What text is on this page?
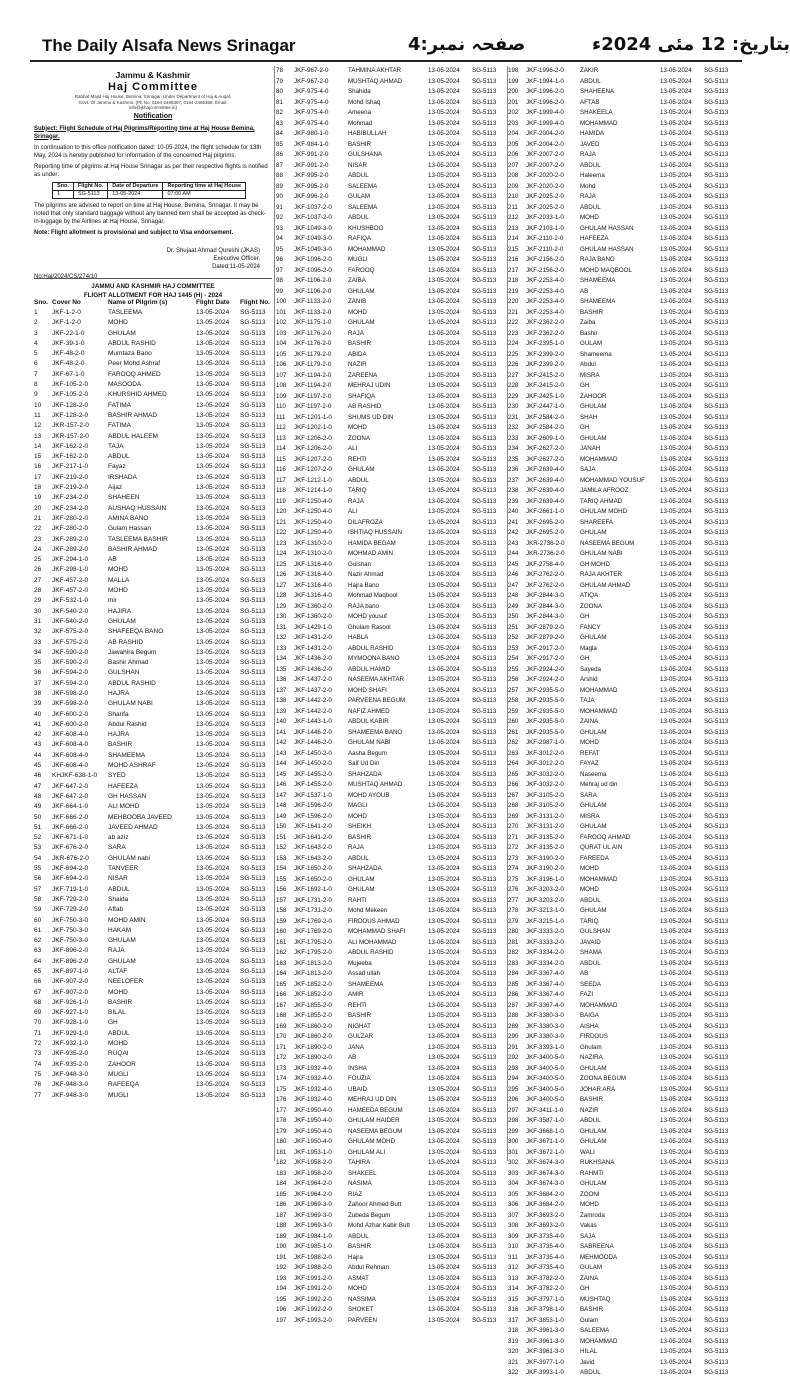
The Daily Alsafa News Srinagar	صفحہ نمبر:4	بتاریخ: 12 مئی 2024ء
Jammu & Kashmir
Haj Committee
Rabbat Majid Haj House, Bemina, Srinagar. Under Department of Haj & Auqaf, Govt. Of Jammu & Kashmir. (Ph No: 0194-2495367, 0194-2495368, Email: info@jkhajcommittee.in)
Notification
Subject: Flight Schedule of Haj Pilgrims/Reporting time at Haj House Bemina, Srinagar.

In continuation to this office notification dated: 10-05-2024, the flight schedule for 13th May, 2024 is hereby published for information of the concerned Haj pilgrims.

Reporting time of pilgrims at Haj House Srinagar as per their respective flights is notified as under:

Sno.	Flight No.	Date of Departure	Reporting time at Haj House
1	SG-5113	13-05-2024	07:00 AM

The pilgrims are advised to report on time at Haj House, Bemina, Srinagar. It may be noted that only standard baggage without any banned item shall be accepted as check-in-luggage by the Airlines at Haj House, Srinagar.

Note: Flight allotment is provisional and subject to Visa endorsement.

Dr. Shujaat Ahmad Qureshi (JKAS)
Executive Officer.
Dated:11-05-2024
No:Haj/2024/CS/274/10
JAMMU AND KASHMIR HAJ COMMITTEE
FLIGHT ALLOTMENT FOR HAJ 1445 (H) - 2024
Sno. Cover No	Name of Pilgrim (s)	Flight Date	Flight No.
1	JKF-1-2-0	TASLEEMA	13-05-2024	SG-5113
2	JKF-1-2-0	MOHD	13-05-2024	SG-5113
3	JKF-22-1-0	GHULAM	13-05-2024	SG-5113
4	JKF-39-1-0	ABDUL RASHID	13-05-2024	SG-5113
5	JKF-48-2-0	Mumtaza Bano	13-05-2024	SG-5113
6	JKF-48-2-0	Peer Mohd Ashraf	13-05-2024	SG-5113
7	JKF-67-1-0	FAROOQ AHMED	13-05-2024	SG-5113
8	JKF-105-2-0	MASOODA	13-05-2024	SG-5113
9	JKF-105-2-0	KHURSHID AHMED	13-05-2024	SG-5113
10	JKF-128-2-0	FATIMA	13-05-2024	SG-5113
11	JKF-128-2-0	BASHIR AHMAD	13-05-2024	SG-5113
12	JKR-157-2-0	FATIMA	13-05-2024	SG-5113
13	JKR-157-2-0	ABDUL HALEEM	13-05-2024	SG-5113
14	JKF-162-2-0	TAJA	13-05-2024	SG-5113
15	JKF-162-2-0	ABDUL	13-05-2024	SG-5113
16	JKF-217-1-0	Fayaz	13-05-2024	SG-5113
17	JKF-219-2-0	IRSHADA	13-05-2024	SG-5113
18	JKF-219-2-0	Aijaz	13-05-2024	SG-5113
19	JKF-234-2-0	SHAHEEN	13-05-2024	SG-5113
20	JKF-234-2-0	AUSHAQ HUSSAIN	13-05-2024	SG-5113
21	JKF-280-2-0	AMINA BANO	13-05-2024	SG-5113
22	JKF-280-2-0	Gulam Hassan	13-05-2024	SG-5113
23	JKF-289-2-0	TASLEEMA BASHIR	13-05-2024	SG-5113
24	JKF-289-2-0	BASHIR AHMAD	13-05-2024	SG-5113
25	JKF-294-1-0	AB	13-05-2024	SG-5113
26	JKF-298-1-0	MOHD	13-05-2024	SG-5113
27	JKF-457-2-0	MALLA	13-05-2024	SG-5113
28	JKF-457-2-0	MOHD	13-05-2024	SG-5113
29	JKF-532-1-0	mir	13-05-2024	SG-5113
30	JKF-540-2-0	HAJIRA	13-05-2024	SG-5113
31	JKF-540-2-0	GHULAM	13-05-2024	SG-5113
32	JKF-575-2-0	SHAFEEQA BANO	13-05-2024	SG-5113
33	JKF-575-2-0	AB RASHID	13-05-2024	SG-5113
34	JKF-590-2-0	Jawahira Begum	13-05-2024	SG-5113
35	JKF-590-2-0	Bashir Ahmad	13-05-2024	SG-5113
36	JKF-594-2-0	GULSHAN	13-05-2024	SG-5113
37	JKF-594-2-0	ABDUL RASHID	13-05-2024	SG-5113
38	JKF-598-2-0	HAJRA	13-05-2024	SG-5113
39	JKF-598-2-0	GHULAM NABI	13-05-2024	SG-5113
40	JKF-600-2-0	Sharifa	13-05-2024	SG-5113
41	JKF-600-2-0	Abdul Rashid	13-05-2024	SG-5113
42	JKF-608-4-0	HAJRA	13-05-2024	SG-5113
43	JKF-608-4-0	BASHIR	13-05-2024	SG-5113
44	JKF-608-4-0	SHAMEEMA	13-05-2024	SG-5113
45	JKF-608-4-0	MOHD ASHRAF	13-05-2024	SG-5113
46	KHJKF-638-1-0	SYED	13-05-2024	SG-5113
47	JKF-647-2-0	HAFEEZA	13-05-2024	SG-5113
48	JKF-647-2-0	GH HASSAN	13-05-2024	SG-5113
49	JKF-664-1-0	ALI MOHD	13-05-2024	SG-5113
50	JKF-666-2-0	MEHBOOBA JAVEED	13-05-2024	SG-5113
51	JKF-666-2-0	JAVEED AHMAD	13-05-2024	SG-5113
52	JKF-671-1-0	ab aziz	13-05-2024	SG-5113
53	JKF-676-2-0	SARA	13-05-2024	SG-5113
54	JKR-676-2-0	GHULAM nabi	13-05-2024	SG-5113
55	JKF-694-2-0	TANVEER	13-05-2024	SG-5113
56	JKF-694-2-0	NISAR	13-05-2024	SG-5113
57	JKF-719-1-0	ABDUL	13-05-2024	SG-5113
58	JKF-729-2-0	Shaida	13-05-2024	SG-5113
59	JKF-729-2-0	Aftab	13-05-2024	SG-5113
60	JKF-750-3-0	MOHD AMIN	13-05-2024	SG-5113
61	JKF-750-3-0	HAKAM	13-05-2024	SG-5113
62	JKF-750-3-0	GHULAM	13-05-2024	SG-5113
63	JKF-896-2-0	RAJA	13-05-2024	SG-5113
64	JKF-896-2-0	GHULAM	13-05-2024	SG-5113
65	JKF-897-1-0	ALTAF	13-05-2024	SG-5113
66	JKF-907-2-0	NEELOFER	13-05-2024	SG-5113
67	JKF-907-2-0	MOHD	13-05-2024	SG-5113
68	JKF-926-1-0	BASHIR	13-05-2024	SG-5113
69	JKF-927-1-0	BILAL	13-05-2024	SG-5113
70	JKF-928-1-0	GH	13-05-2024	SG-5113
71	JKF-929-1-0	ABDUL	13-05-2024	SG-5113
72	JKF-932-1-0	MOHD	13-05-2024	SG-5113
73	JKF-935-2-0	RUQAI	13-05-2024	SG-5113
74	JKF-935-2-0	ZAHOOR	13-05-2024	SG-5113
75	JKF-948-3-0	MUGLI	13-05-2024	SG-5113
76	JKF-948-3-0	RAFEEQA	13-05-2024	SG-5113
77	JKF-948-3-0	MUGLI	13-05-2024	SG-5113
78	JKF-967-2-0	TAHMINA AKHTAR	13-05-2024	SG-5113
79	JKF-967-2-0	MUSHTAQ AHMAD	13-05-2024	SG-5113
80	JKF-975-4-0	Shahida	13-05-2024	SG-5113
81	JKF-975-4-0	Mohd Ishaq	13-05-2024	SG-5113
82	JKF-975-4-0	Ameena	13-05-2024	SG-5113
83	JKF-975-4-0	Mohmad	13-05-2024	SG-5113
84	JKF-980-1-0	HABIBULLAH	13-05-2024	SG-5113
85	JKF-984-1-0	BASHIR	13-05-2024	SG-5113
86	JKF-991-2-0	GULSHANA	13-05-2024	SG-5113
87	JKF-991-2-0	NISAR	13-05-2024	SG-5113
88	JKF-995-2-0	ABDUL	13-05-2024	SG-5113
89	JKF-995-2-0	SALEEMA	13-05-2024	SG-5113
90	JKF-996-2-0	GULAM	13-05-2024	SG-5113
91	JKF-1037-2-0	SALEEMA	13-05-2024	SG-5113
92	JKF-1037-2-0	ABDUL	13-05-2024	SG-5113
93	JKF-1049-3-0	KHUSHBOO	13-05-2024	SG-5113
94	JKF-1049-3-0	RAFIQA	13-05-2024	SG-5113
95	JKF-1049-3-0	MOHAMMAD	13-05-2024	SG-5113
96	JKF-1096-2-0	MUGLI	13-05-2024	SG-5113
97	JKF-1096-2-0	FAROOQ	13-05-2024	SG-5113
98	JKF-1106-2-0	ZAIBA	13-05-2024	SG-5113
99	JKF-1106-2-0	GHULAM	13-05-2024	SG-5113
100	JKF-1133-2-0	ZANIB	13-05-2024	SG-5113
101	JKF-1133-2-0	MOHD	13-05-2024	SG-5113
102	JKF-1175-1-0	GHULAM	13-05-2024	SG-5113
103	JKF-1176-2-0	RAJA	13-05-2024	SG-5113
104	JKF-1176-2-0	BASHIR	13-05-2024	SG-5113
105	JKF-1179-2-0	ABIDA	13-05-2024	SG-5113
106	JKF-1179-2-0	NAZIR	13-05-2024	SG-5113
107	JKF-1194-2-0	ZAREENA	13-05-2024	SG-5113
108	JKF-1194-2-0	MEHRAJ UDIN	13-05-2024	SG-5113
109	JKF-1197-2-0	SHAFIQA	13-05-2024	SG-5113
110	JKF-1197-2-0	AB RASHID	13-05-2024	SG-5113
111	JKF-1201-1-0	SHUMS UD DIN	13-05-2024	SG-5113
112	JKF-1202-1-0	MOHD	13-05-2024	SG-5113
113	JKF-1206-2-0	ZOONA	13-05-2024	SG-5113
114	JKF-1206-2-0	ALI	13-05-2024	SG-5113
115	JKF-1207-2-0	REHTI	13-05-2024	SG-5113
116	JKF-1207-2-0	GHULAM	13-05-2024	SG-5113
117	JKF-1212-1-0	ABDUL	13-05-2024	SG-5113
118	JKF-1214-1-0	TARIQ	13-05-2024	SG-5113
119	JKF-1250-4-0	RAJA	13-05-2024	SG-5113
120	JKF-1250-4-0	ALI	13-05-2024	SG-5113
121	JKF-1250-4-0	DILAFROZA	13-05-2024	SG-5113
122	JKF-1250-4-0	ISHTIAQ HUSSAIN	13-05-2024	SG-5113
123	JKF-1310-2-0	HAMIDA BEGAM	13-05-2024	SG-5113
124	JKF-1310-2-0	MOHMAD AMIN	13-05-2024	SG-5113
125	JKF-1316-4-0	Gulshan	13-05-2024	SG-5113
126	JKF-1316-4-0	Nazir Ahmad	13-05-2024	SG-5113
127	JKF-1316-4-0	Hajra Bano	13-05-2024	SG-5113
128	JKF-1316-4-0	Mohmad Maqbool	13-05-2024	SG-5113
129	JKF-1360-2-0	RAJA bano	13-05-2024	SG-5113
130	JKF-1360-2-0	MOHD yousuf	13-05-2024	SG-5113
131	JKF-1429-1-0	Ghulam Rasool	13-05-2024	SG-5113
132	JKF-1431-2-0	HABLA	13-05-2024	SG-5113
133	JKF-1431-2-0	ABDUL RASHID	13-05-2024	SG-5113
134	JKF-1436-2-0	MYMOONA BANO	13-05-2024	SG-5113
135	JKF-1436-2-0	ABDUL HAMID	13-05-2024	SG-5113
136	JKF-1437-2-0	NASEEMA AKHTAR	13-05-2024	SG-5113
137	JKF-1437-2-0	MOHD SHAFI	13-05-2024	SG-5113
138	JKF-1442-2-0	PARVEENA BEGUM	13-05-2024	SG-5113
139	JKF-1442-2-0	NAFIZ AHMED	13-05-2024	SG-5113
140	JKF-1443-1-0	ABDUL KABIR	13-05-2024	SG-5113
141	JKF-1446-2-0	SHAMEEMA BANO	13-05-2024	SG-5113
142	JKF-1446-2-0	GHULAM NABI	13-05-2024	SG-5113
143	JKF-1450-2-0	Aasha Begum	13-05-2024	SG-5113
144	JKF-1450-2-0	Saif Ud Din	13-05-2024	SG-5113
145	JKF-1455-2-0	SHAHZADA	13-05-2024	SG-5113
146	JKF-1455-2-0	MUSHTAQ AHMAD	13-05-2024	SG-5113
147	JKF-1537-1-0	MOHD AYOUB	13-05-2024	SG-5113
148	JKF-1596-2-0	MAGLI	13-05-2024	SG-5113
149	JKF-1596-2-0	MOHD	13-05-2024	SG-5113
150	JKF-1641-2-0	SHEIKH	13-05-2024	SG-5113
151	JKF-1641-2-0	BASHIR	13-05-2024	SG-5113
152	JKF-1643-2-0	RAJA	13-05-2024	SG-5113
153	JKF-1643-2-0	ABDUL	13-05-2024	SG-5113
154	JKF-1650-2-0	SHAHZADA	13-05-2024	SG-5113
155	JKF-1650-2-0	GHULAM	13-05-2024	SG-5113
156	JKF-1692-1-0	GHULAM	13-05-2024	SG-5113
157	JKF-1731-2-0	RAHTI	13-05-2024	SG-5113
158	JKF-1731-2-0	Mohd Mekeen	13-05-2024	SG-5113
159	JKF-1769-2-0	FIRDOUS AHMAD	13-05-2024	SG-5113
160	JKF-1769-2-0	MOHAMMAD SHAFI	13-05-2024	SG-5113
161	JKF-1795-2-0	ALI MOHAMMAD	13-05-2024	SG-5113
162	JKF-1795-2-0	ABDUL RASHID	13-05-2024	SG-5113
163	JKF-1813-2-0	Mujeeba	13-05-2024	SG-5113
164	JKF-1813-2-0	Assad ullah	13-05-2024	SG-5113
165	JKF-1852-2-0	SHAMEEMA	13-05-2024	SG-5113
166	JKF-1852-2-0	AMIR	13-05-2024	SG-5113
167	JKF-1855-2-0	REHTI	13-05-2024	SG-5113
168	JKF-1855-2-0	BASHIR	13-05-2024	SG-5113
169	JKF-1860-2-0	NIGHAT	13-05-2024	SG-5113
170	JKF-1860-2-0	GULZAR	13-05-2024	SG-5113
171	JKF-1890-2-0	JANA	13-05-2024	SG-5113
172	JKF-1890-2-0	AB	13-05-2024	SG-5113
173	JKF-1932-4-0	INSHA	13-05-2024	SG-5113
174	JKF-1932-4-0	FOUZIA	13-05-2024	SG-5113
175	JKF-1932-4-0	UBAID	13-05-2024	SG-5113
176	JKF-1932-4-0	MEHRAJ UD DIN	13-05-2024	SG-5113
177	JKF-1950-4-0	HAMEEDA BEGUM	13-05-2024	SG-5113
178	JKF-1950-4-0	GHULAM HAIDER	13-05-2024	SG-5113
179	JKF-1950-4-0	NASEEMA BEGUM	13-05-2024	SG-5113
180	JKF-1950-4-0	GHULAM MOHD	13-05-2024	SG-5113
181	JKF-1953-1-0	GHULAM ALI	13-05-2024	SG-5113
182	JKF-1958-2-0	TAHIRA	13-05-2024	SG-5113
183	JKF-1958-2-0	SHAKEEL	13-05-2024	SG-5113
184	JKF-1964-2-0	NASIMA	13-05-2024	SG-5113
185	JKF-1964-2-0	RIAZ	13-05-2024	SG-5113
186	JKF-1969-3-0	Zahoor Ahmed Butt	13-05-2024	SG-5113
187	JKF-1969-3-0	Zubeda Begum	13-05-2024	SG-5113
188	JKF-1969-3-0	Mohd Azhar Kabir Butt	13-05-2024	SG-5113
189	JKF-1984-1-0	ABDUL	13-05-2024	SG-5113
190	JKF-1985-1-0	BASHIR	13-05-2024	SG-5113
191	JKF-1988-2-0	Hajra	13-05-2024	SG-5113
192	JKF-1988-2-0	Abdul Rehman	13-05-2024	SG-5113
193	JKF-1991-2-0	ASMAT	13-05-2024	SG-5113
194	JKF-1991-2-0	MOHD	13-05-2024	SG-5113
195	JKF-1992-2-0	NASSIMA	13-05-2024	SG-5113
196	JKF-1992-2-0	SHOKET	13-05-2024	SG-5113
197	JKF-1993-2-0	PARVEEN	13-05-2024	SG-5113
198	JKF-1996-2-0	ZAKIR	13-05-2024	SG-5113
199	JKF-1994-1-0	ABDUL	13-05-2024	SG-5113
200	JKF-1996-2-0	SHAHEENA	13-05-2024	SG-5113
201	JKF-1996-2-0	AFTAB	13-05-2024	SG-5113
202	JKF-1999-4-0	SHAKEELA	13-05-2024	SG-5113
203	JKF-1999-4-0	MOHAMMAD	13-05-2024	SG-5113
204	JKF-2004-2-0	HAMIDA	13-05-2024	SG-5113
205	JKF-2004-2-0	JAVED	13-05-2024	SG-5113
206	JKF-2007-2-0	RAJA	13-05-2024	SG-5113
207	JKF-2007-2-0	ABDUL	13-05-2024	SG-5113
208	JKF-2020-2-0	Haleema	13-05-2024	SG-5113
209	JKF-2020-2-0	Mohd	13-05-2024	SG-5113
210	JKF-2025-2-0	RAJA	13-05-2024	SG-5113
211	JKF-2025-2-0	ABDUL	13-05-2024	SG-5113
212	JKF-2033-1-0	MOHD	13-05-2024	SG-5113
213	JKF-2103-1-0	GHULAM HASSAN	13-05-2024	SG-5113
214	JKF-2110-2-0	HAFEEZA	13-05-2024	SG-5113
215	JKF-2110-2-0	GHULAM HASSAN	13-05-2024	SG-5113
216	JKF-2156-2-0	RAJA BANO	13-05-2024	SG-5113
217	JKF-2156-2-0	MOHD MAQBOOL	13-05-2024	SG-5113
218	JKF-2253-4-0	SHAMEEMA	13-05-2024	SG-5113
219	JKF-2253-4-0	AB	13-05-2024	SG-5113
220	JKF-2253-4-0	SHAMEEMA	13-05-2024	SG-5113
221	JKF-2253-4-0	BASHIR	13-05-2024	SG-5113
222	JKF-2362-2-0	Zaiba	13-05-2024	SG-5113
223	JKF-2362-2-0	Bashir	13-05-2024	SG-5113
224	JKF-2395-1-0	GULAM	13-05-2024	SG-5113
225	JKF-2399-2-0	Shameema	13-05-2024	SG-5113
226	JKF-2399-2-0	Abdul	13-05-2024	SG-5113
227	JKF-2415-2-0	MISRA	13-05-2024	SG-5113
228	JKF-2415-2-0	GH	13-05-2024	SG-5113
229	JKF-2425-1-0	ZAHOOR	13-05-2024	SG-5113
230	JKF-2447-1-0	GHULAM	13-05-2024	SG-5113
231	JKF-2584-2-0	SHAH	13-05-2024	SG-5113
232	JKF-2584-2-0	GH	13-05-2024	SG-5113
233	JKF-2609-1-0	GHULAM	13-05-2024	SG-5113
234	JKF-2627-2-0	JANAH	13-05-2024	SG-5113
235	JKF-2627-2-0	MOHAMMAD	13-05-2024	SG-5113
236	JKF-2639-4-0	SAJA	13-05-2024	SG-5113
237	JKF-2639-4-0	MOHAMMAD YOUSUF	13-05-2024	SG-5113
238	JKF-2639-4-0	JAMILA AFROOZ	13-05-2024	SG-5113
239	JKF-2639-4-0	TARIQ AHMAD	13-05-2024	SG-5113
240	JKF-2661-1-0	GHULAM MOHD	13-05-2024	SG-5113
241	JKF-2695-2-0	SHAREEFA	13-05-2024	SG-5113
242	JKF-2695-2-0	GHULAM	13-05-2024	SG-5113
243	JKR-2736-2-0	NASEEMA BEGUM	13-05-2024	SG-5113
244	JKR-2736-2-0	GHULAM NABI	13-05-2024	SG-5113
245	JKF-2758-4-0	GH MOHD	13-05-2024	SG-5113
246	JKF-2762-2-0	RAJA AKHTER	13-05-2024	SG-5113
247	JKF-2762-2-0	GHULAM AHMAD	13-05-2024	SG-5113
248	JKF-2844-3-0	ATIQA	13-05-2024	SG-5113
249	JKF-2844-3-0	ZOONA	13-05-2024	SG-5113
250	JKF-2844-3-0	GH	13-05-2024	SG-5113
251	JKF-2879-2-0	FANCY	13-05-2024	SG-5113
252	JKF-2879-2-0	GHULAM	13-05-2024	SG-5113
253	JKF-2917-2-0	Magla	13-05-2024	SG-5113
254	JKF-2917-2-0	GH	13-05-2024	SG-5113
255	JKF-2924-2-0	Sayeda	13-05-2024	SG-5113
256	JKF-2924-2-0	Arshid	13-05-2024	SG-5113
257	JKF-2935-5-0	MOHAMMAD	13-05-2024	SG-5113
258	JKF-2935-5-0	TAJA	13-05-2024	SG-5113
259	JKF-2935-5-0	MOHAMMAD	13-05-2024	SG-5113
260	JKF-2935-5-0	ZAINA	13-05-2024	SG-5113
261	JKF-2935-5-0	GHULAM	13-05-2024	SG-5113
262	JKF-2987-1-0	MOHD	13-05-2024	SG-5113
263	JKF-3012-2-0	REFAT	13-05-2024	SG-5113
264	JKF-3012-2-0	FAYAZ	13-05-2024	SG-5113
265	JKF-3032-2-0	Naseema	13-05-2024	SG-5113
266	JKF-3032-2-0	Mehraj ud din	13-05-2024	SG-5113
267	JKF-3105-2-0	SARA	13-05-2024	SG-5113
268	JKF-3105-2-0	GHULAM	13-05-2024	SG-5113
269	JKF-3131-2-0	MISRA	13-05-2024	SG-5113
270	JKF-3131-2-0	GHULAM	13-05-2024	SG-5113
271	JKF-3135-2-0	FAROOQ AHMAD	13-05-2024	SG-5113
272	JKF-3135-2-0	QURAT UL AIN	13-05-2024	SG-5113
273	JKF-3190-2-0	FAREEDA	13-05-2024	SG-5113
274	JKF-3190-2-0	MOHD	13-05-2024	SG-5113
275	JKF-3196-1-0	MOHAMMAD	13-05-2024	SG-5113
276	JKF-3203-2-0	MOHD	13-05-2024	SG-5113
277	JKF-3203-2-0	ABDUL	13-05-2024	SG-5113
278	JKF-3213-1-0	GHULAM	13-05-2024	SG-5113
279	JKF-3215-1-0	TARIQ	13-05-2024	SG-5113
280	JKF-3333-2-0	GULSHAN	13-05-2024	SG-5113
281	JKF-3333-2-0	JAVAID	13-05-2024	SG-5113
282	JKF-3334-2-0	SHAMA	13-05-2024	SG-5113
283	JKF-3334-2-0	ABDUL	13-05-2024	SG-5113
284	JKF-3367-4-0	AB	13-05-2024	SG-5113
285	JKF-3367-4-0	SEEDA	13-05-2024	SG-5113
286	JKF-3367-4-0	FAZI	13-05-2024	SG-5113
287	JKF-3367-4-0	MOHAMMAD	13-05-2024	SG-5113
288	JKF-3380-3-0	BAIGA	13-05-2024	SG-5113
289	JKF-3380-3-0	AISHA	13-05-2024	SG-5113
290	JKF-3380-3-0	FIRDOUS	13-05-2024	SG-5113
291	JKF-3393-1-0	Ghulam	13-05-2024	SG-5113
292	JKF-3400-5-0	NAZIRA	13-05-2024	SG-5113
293	JKF-3400-5-0	GHULAM	13-05-2024	SG-5113
294	JKF-3400-5-0	ZOONA BEGUM	13-05-2024	SG-5113
295	JKF-3400-5-0	JOHAR ARA	13-05-2024	SG-5113
296	JKF-3400-5-0	BASHIR	13-05-2024	SG-5113
297	JKF-3411-1-0	NAZIR	13-05-2024	SG-5113
298	JKF-3587-1-0	ABDUL	13-05-2024	SG-5113
299	JKF-3668-1-0	GHULAM	13-05-2024	SG-5113
300	JKF-3671-1-0	GHULAM	13-05-2024	SG-5113
301	JKF-3672-1-0	WALI	13-05-2024	SG-5113
302	JKF-3674-3-0	RUKHSANA	13-05-2024	SG-5113
303	JKF-3674-3-0	RAHMTI	13-05-2024	SG-5113
304	JKF-3674-3-0	GHULAM	13-05-2024	SG-5113
305	JKF-3684-2-0	ZOONI	13-05-2024	SG-5113
306	JKF-3684-2-0	MOHD	13-05-2024	SG-5113
307	JKF-3693-2-0	Zamroda	13-05-2024	SG-5113
308	JKF-3693-2-0	Vakas	13-05-2024	SG-5113
309	JKF-3735-4-0	SAJA	13-05-2024	SG-5113
310	JKF-3735-4-0	SABREENA	13-05-2024	SG-5113
311	JKF-3735-4-0	MEHMOODA	13-05-2024	SG-5113
312	JKF-3735-4-0	GULAM	13-05-2024	SG-5113
313	JKF-3782-2-0	ZAINA	13-05-2024	SG-5113
314	JKF-3782-2-0	GH	13-05-2024	SG-5113
315	JKF-3797-1-0	MUSHTAQ	13-05-2024	SG-5113
316	JKF-3798-1-0	BASHIR	13-05-2024	SG-5113
317	JKF-3853-1-0	Gulam	13-05-2024	SG-5113
318	JKF-3961-3-0	SALEEMA	13-05-2024	SG-5113
319	JKF-3961-3-0	MOHAMMAD	13-05-2024	SG-5113
320	JKF-3961-3-0	HILAL	13-05-2024	SG-5113
321	JKF-3977-1-0	Javid	13-05-2024	SG-5113
322	JKF-3993-1-0	ABDUL	13-05-2024	SG-5113
